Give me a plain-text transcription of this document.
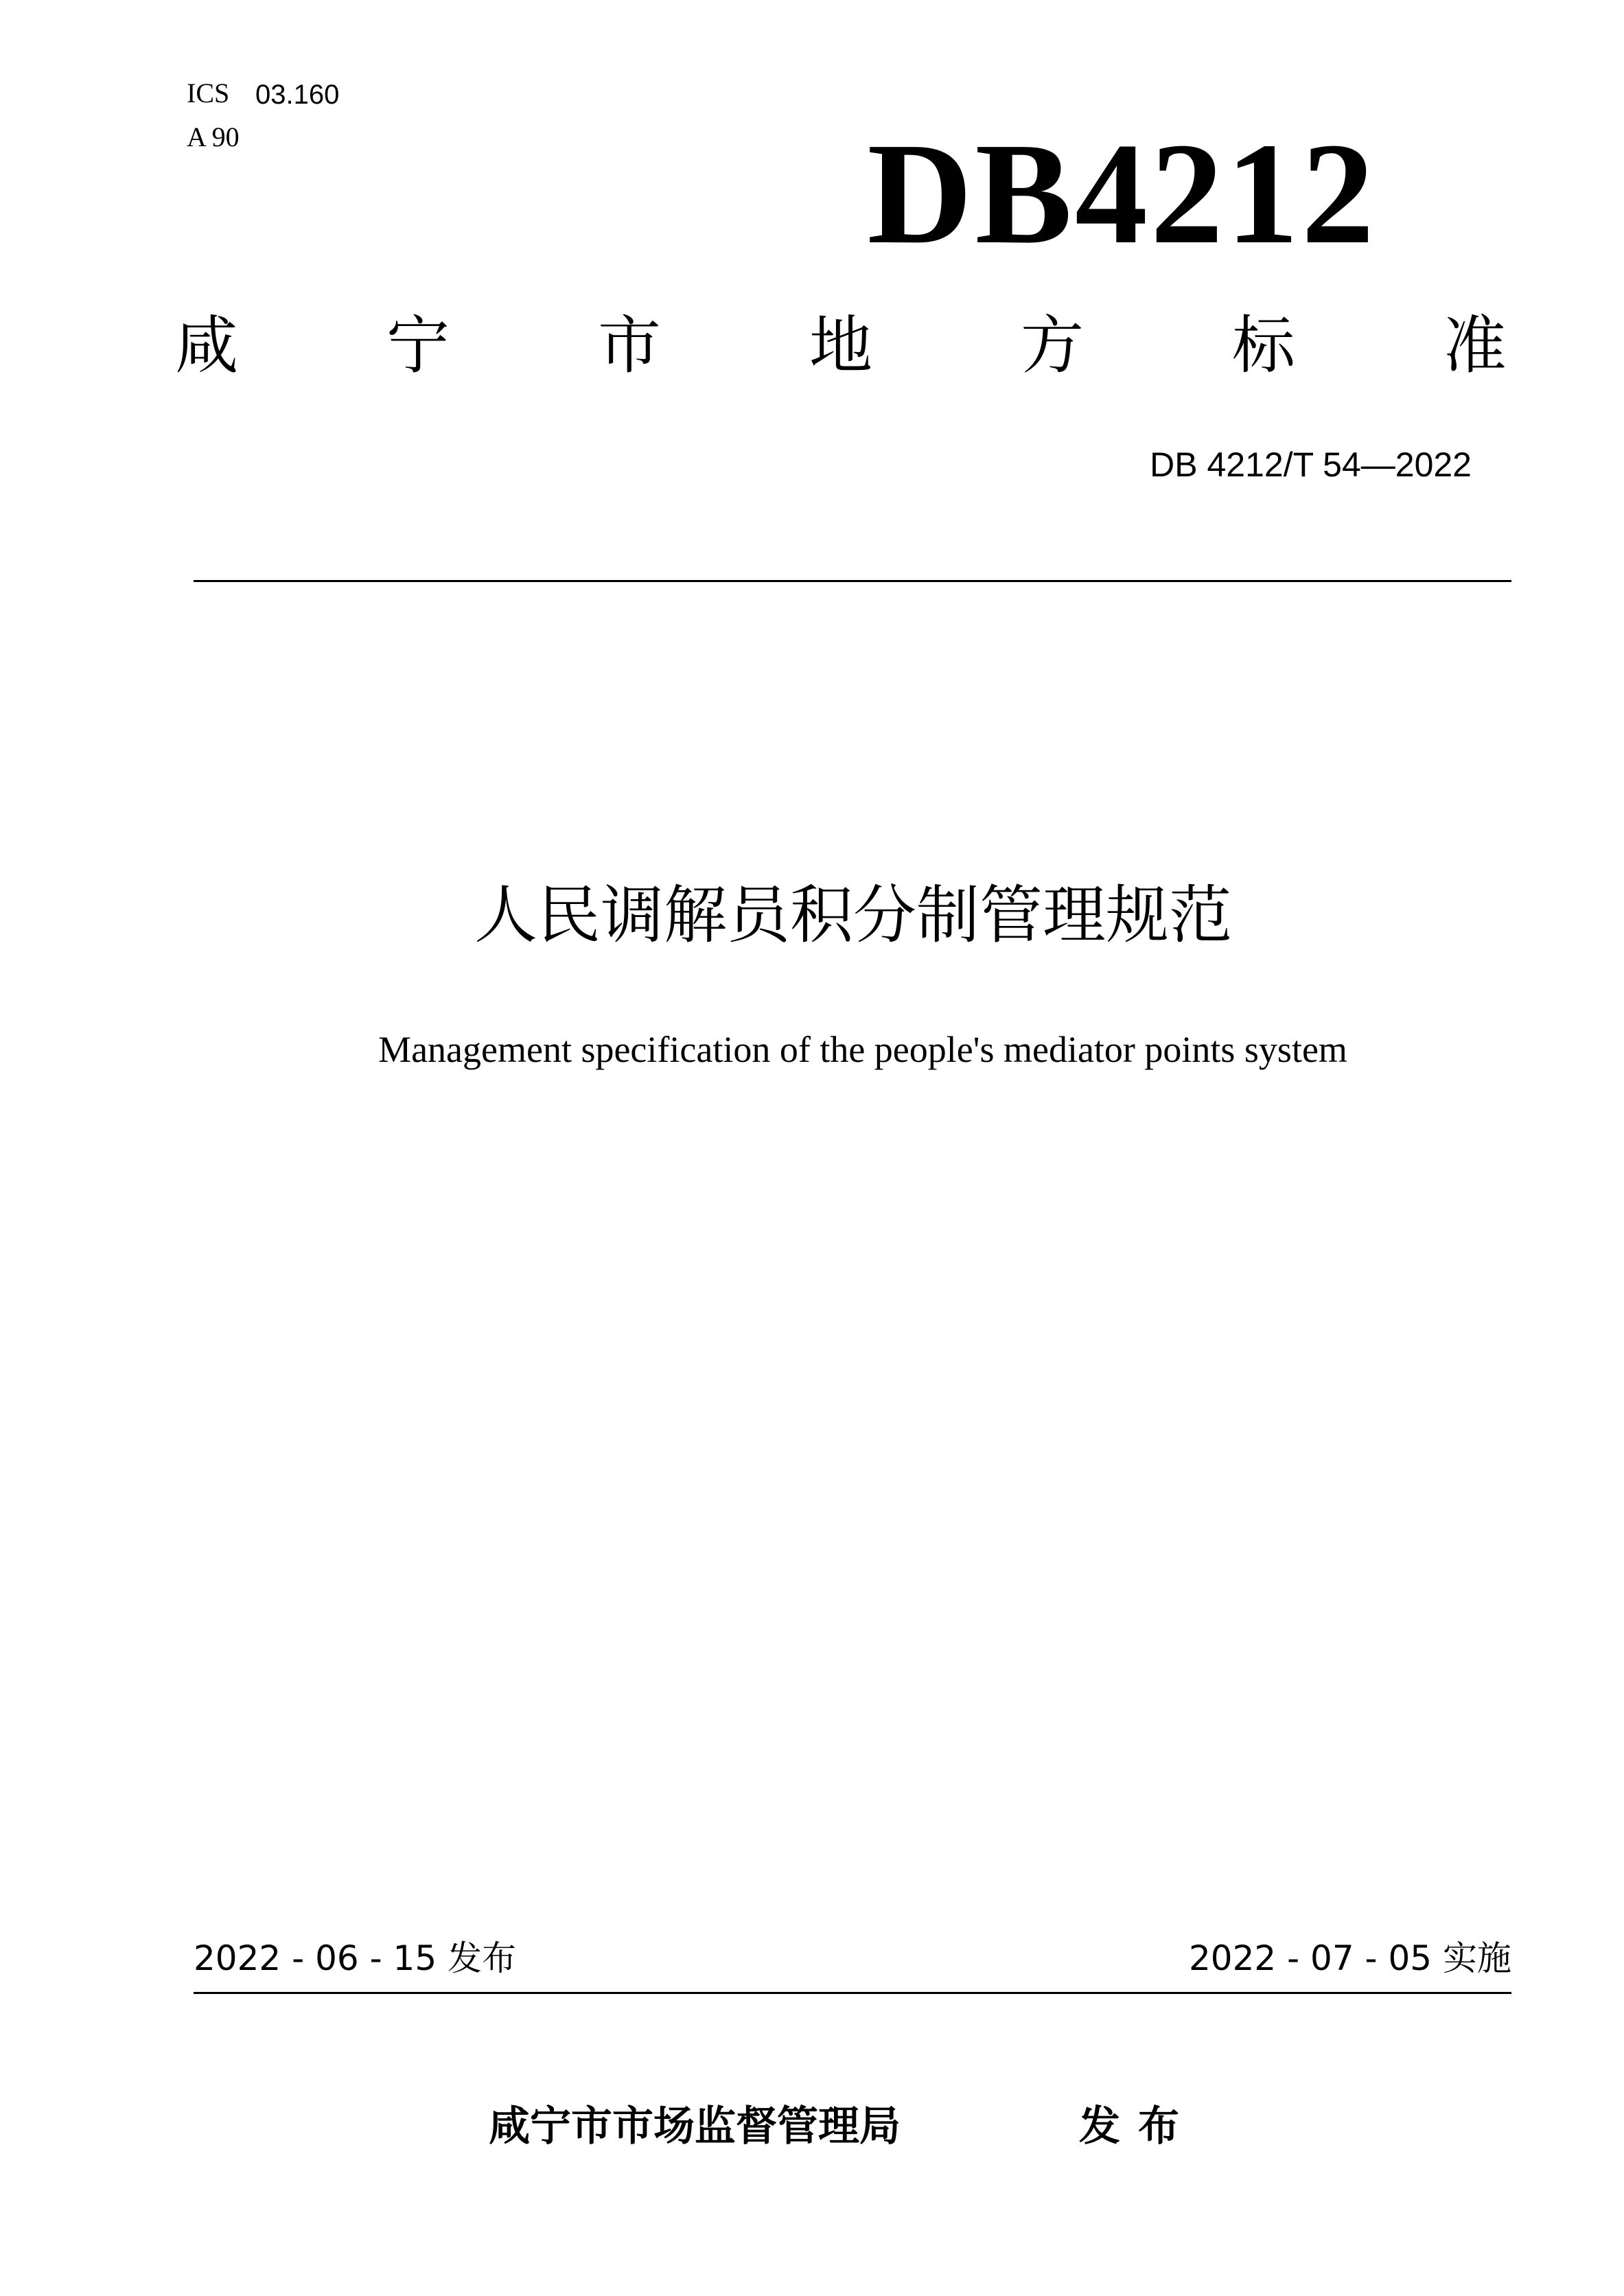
ICS 03.160
A 90	DB4212
咸 宁 市 地 方 标 准
DB 4212/T 54—2022
人民调解员积分制管理规范
Management specification of the people's mediator points system
2022 - 06 - 15 发布	2022 - 07 - 05 实施
咸宁市市场监督管理局	发布
